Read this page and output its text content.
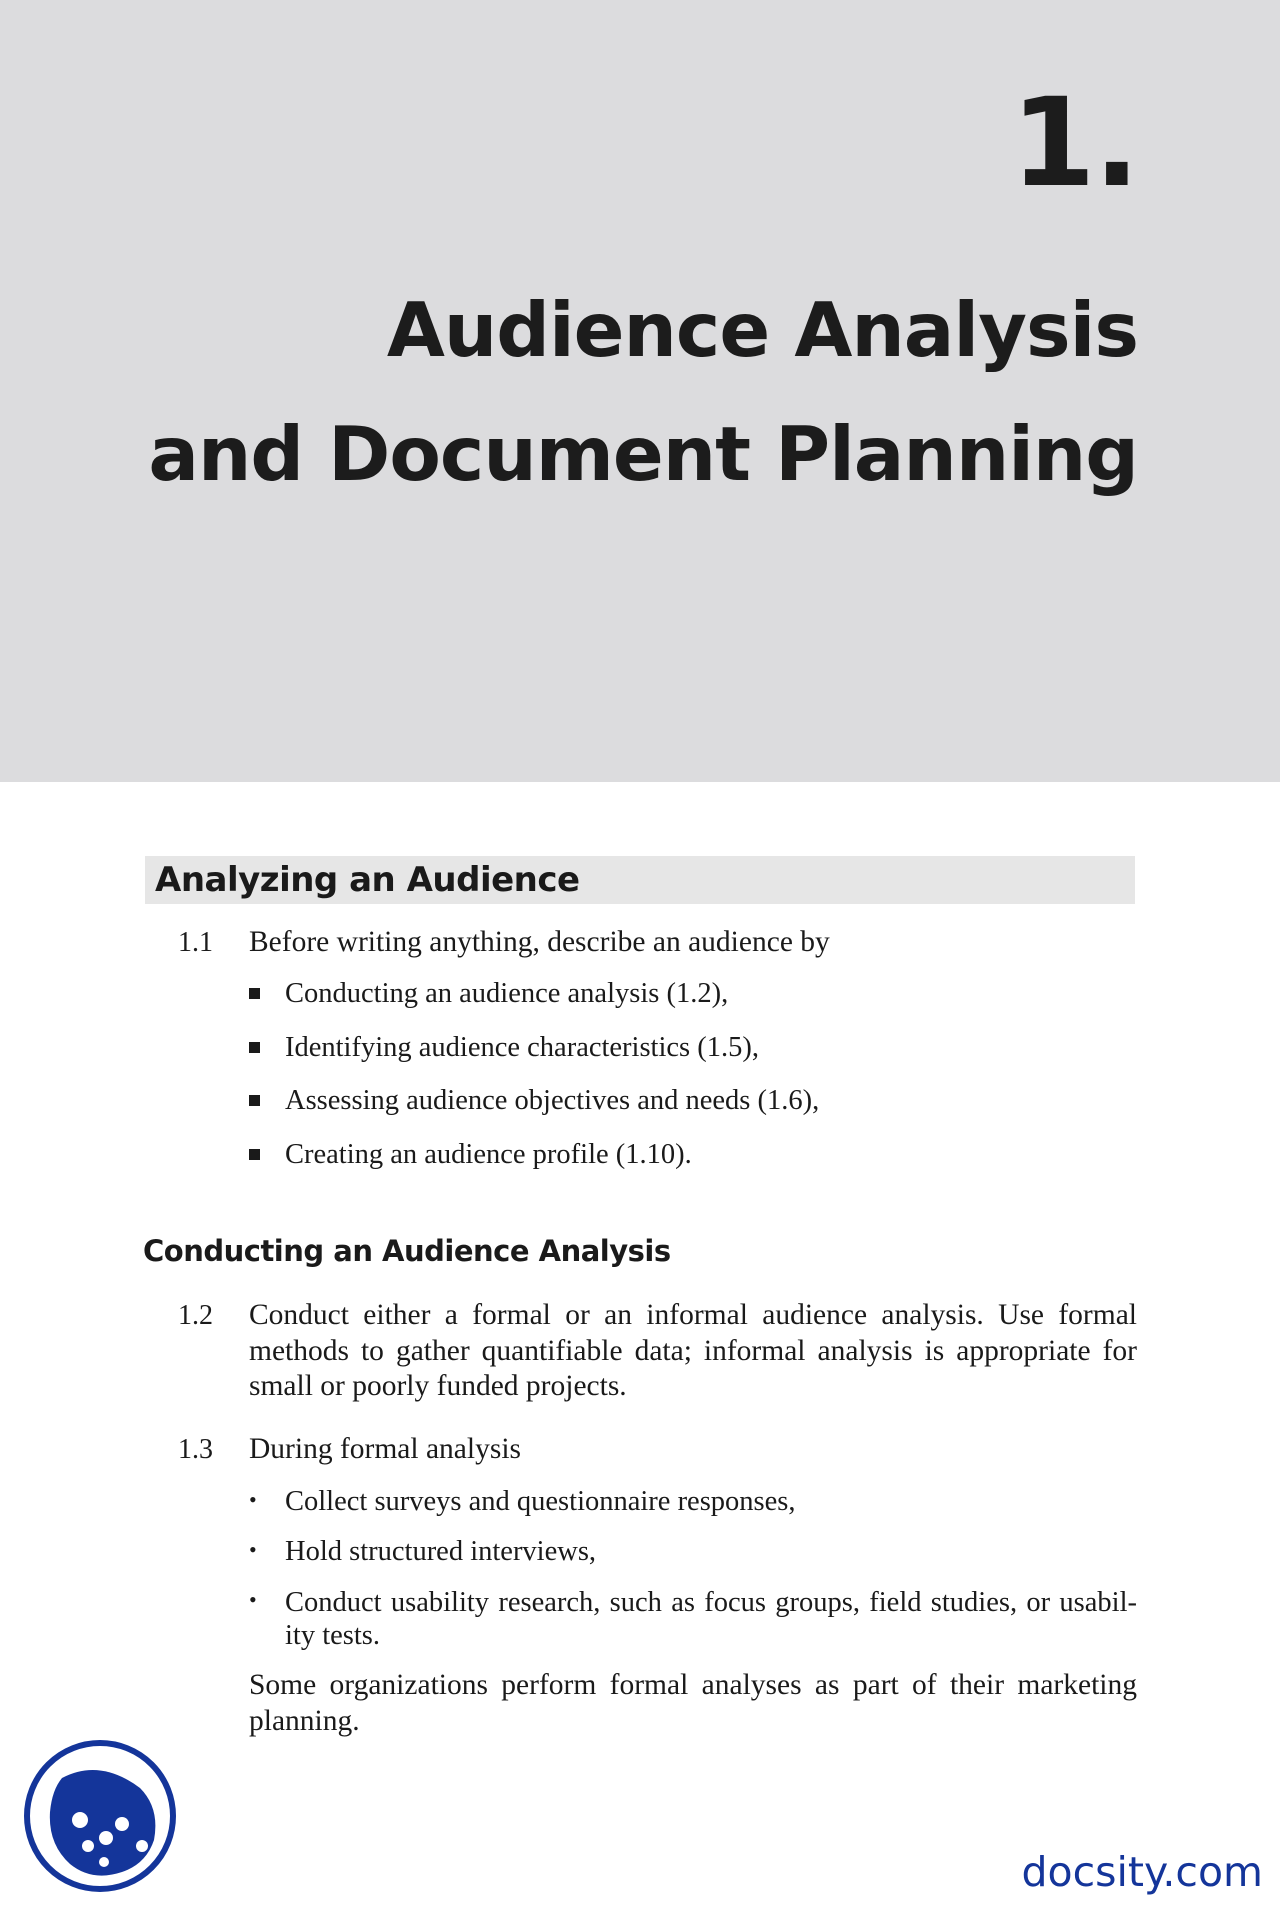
1.
Audience Analysis
and Document Planning
Analyzing an Audience
1.1 Before writing anything, describe an audience by
Conducting an audience analysis (1.2),
Identifying audience characteristics (1.5),
Assessing audience objectives and needs (1.6),
Creating an audience profile (1.10).
Conducting an Audience Analysis
1.2 Conduct either a formal or an informal audience analysis. Use formal methods to gather quantifiable data; informal analysis is appropriate for small or poorly funded projects.
1.3 During formal analysis
• Collect surveys and questionnaire responses,
• Hold structured interviews,
• Conduct usability research, such as focus groups, field studies, or usabil-ity tests.
Some organizations perform formal analyses as part of their marketing planning.
docsity.com
